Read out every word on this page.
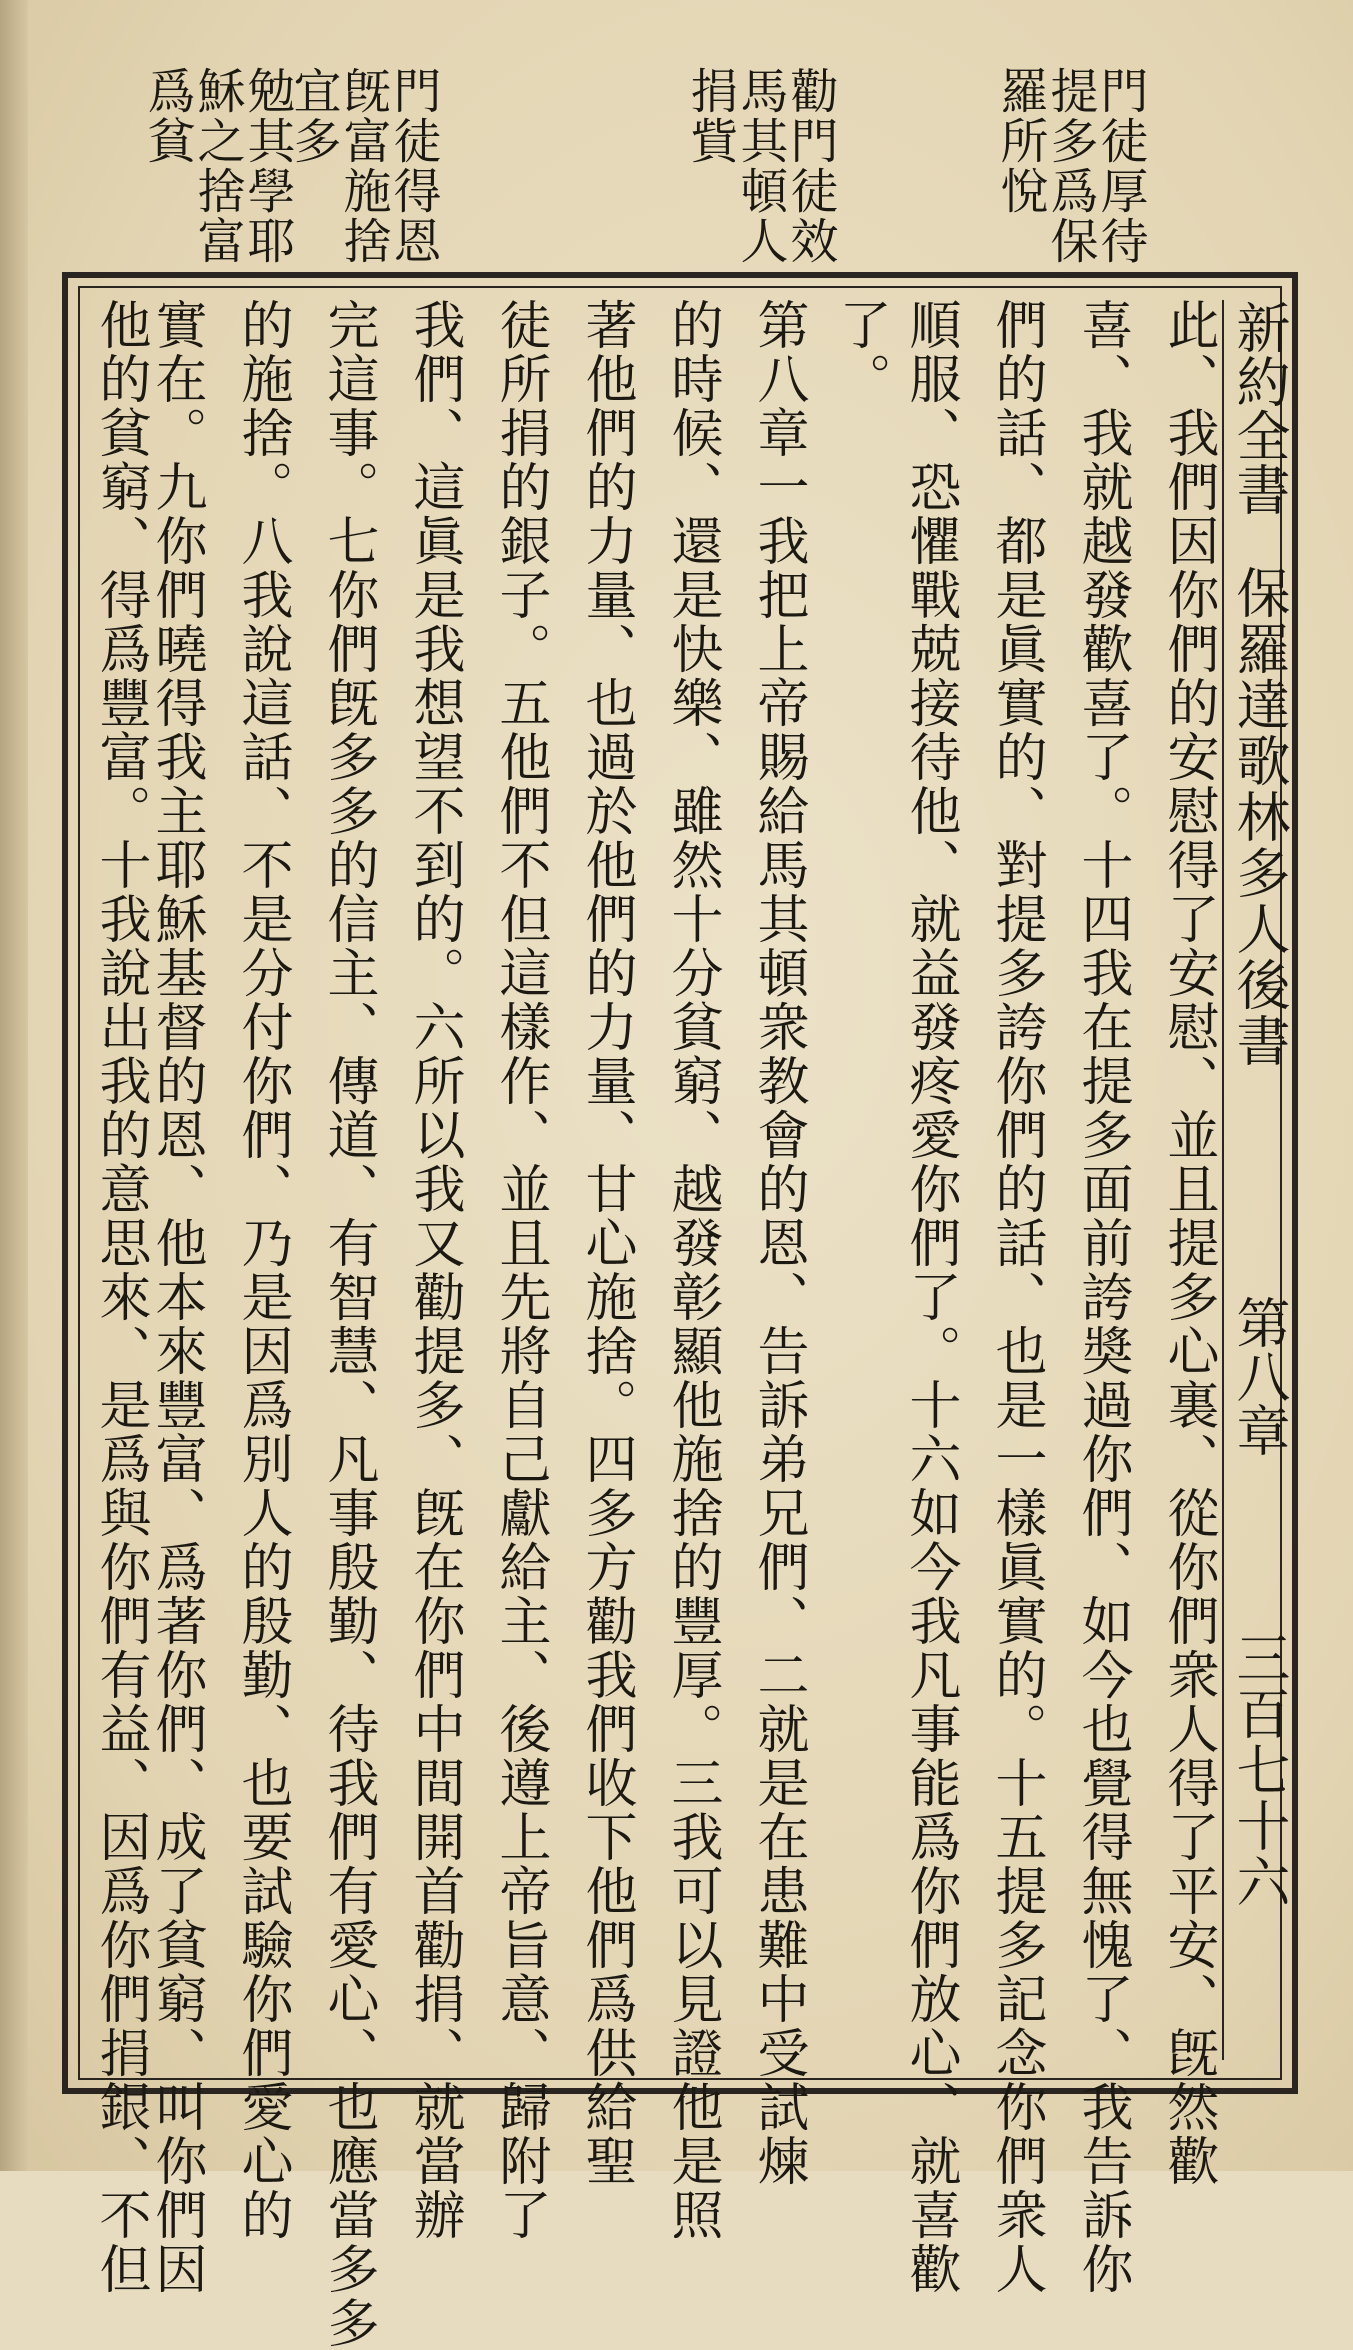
門徒厚待
提多爲保
羅所悅
勸門徒效
馬其頓人
捐貲
門徒得恩
旣富施捨
宜多
勉其學耶
穌之捨富
爲貧
新約全書
保羅達歌林多人後書
第八章
三百七十六
此、我們因你們的安慰得了安慰、並且提多心裏、從你們衆人得了平安、旣然歡
喜、我就越發歡喜了。十四我在提多面前誇奬過你們、如今也覺得無愧了、我告訴你
們的話、都是眞實的、對提多誇你們的話、也是一樣眞實的。十五提多記念你們衆人
順服、恐懼戰兢接待他、就益發疼愛你們了。十六如今我凡事能爲你們放心、就喜歡
了。
第八章一我把上帝賜給馬其頓衆教會的恩、告訴弟兄們、二就是在患難中受試煉
的時候、還是快樂、雖然十分貧窮、越發彰顯他施捨的豐厚。三我可以見證他是照
著他們的力量、也過於他們的力量、甘心施捨。四多方勸我們收下他們爲供給聖
徒所捐的銀子。五他們不但這樣作、並且先將自己獻給主、後遵上帝旨意、歸附了
我們、這眞是我想望不到的。六所以我又勸提多、旣在你們中間開首勸捐、就當辦
完這事。七你們旣多多的信主、傳道、有智慧、凡事殷勤、待我們有愛心、也應當多多
的施捨。八我說這話、不是分付你們、乃是因爲別人的殷勤、也要試驗你們愛心的
實在。九你們曉得我主耶穌基督的恩、他本來豐富、爲著你們、成了貧窮、叫你們因
他的貧窮、得爲豐富。十我說出我的意思來、是爲與你們有益、因爲你們捐銀、不但
